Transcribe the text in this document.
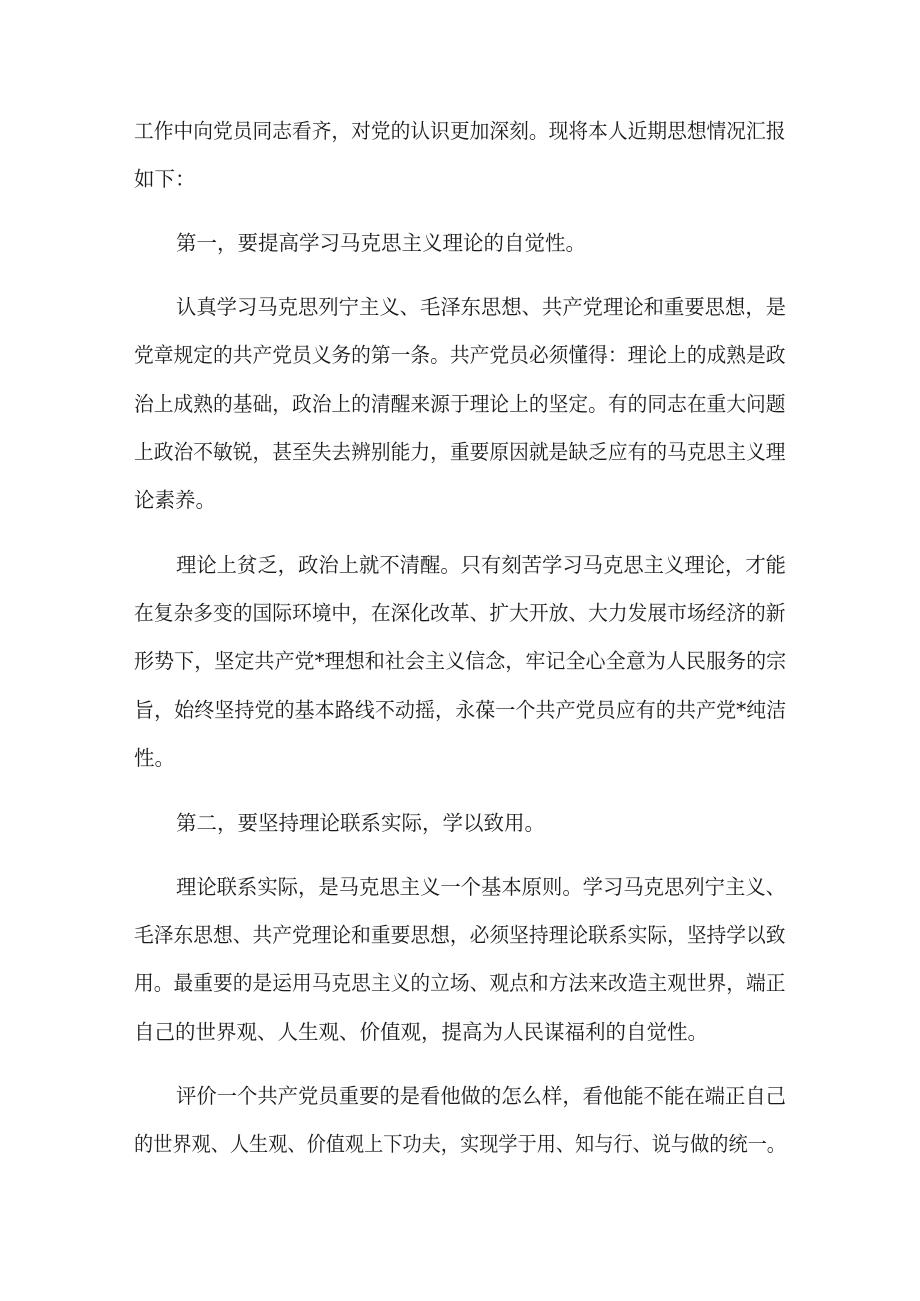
工作中向党员同志看齐，对党的认识更加深刻。现将本人近期思想情况汇报
如下：
第一，要提高学习马克思主义理论的自觉性。
认真学习马克思列宁主义、毛泽东思想、共产党理论和重要思想，是
党章规定的共产党员义务的第一条。共产党员必须懂得：理论上的成熟是政
治上成熟的基础，政治上的清醒来源于理论上的坚定。有的同志在重大问题
上政治不敏锐，甚至失去辨别能力，重要原因就是缺乏应有的马克思主义理
论素养。
理论上贫乏，政治上就不清醒。只有刻苦学习马克思主义理论，才能
在复杂多变的国际环境中，在深化改革、扩大开放、大力发展市场经济的新
形势下，坚定共产党*理想和社会主义信念，牢记全心全意为人民服务的宗
旨，始终坚持党的基本路线不动摇，永葆一个共产党员应有的共产党*纯洁
性。
第二，要坚持理论联系实际，学以致用。
理论联系实际，是马克思主义一个基本原则。学习马克思列宁主义、
毛泽东思想、共产党理论和重要思想，必须坚持理论联系实际，坚持学以致
用。最重要的是运用马克思主义的立场、观点和方法来改造主观世界，端正
自己的世界观、人生观、价值观，提高为人民谋福利的自觉性。
评价一个共产党员重要的是看他做的怎么样，看他能不能在端正自己
的世界观、人生观、价值观上下功夫，实现学于用、知与行、说与做的统一。
